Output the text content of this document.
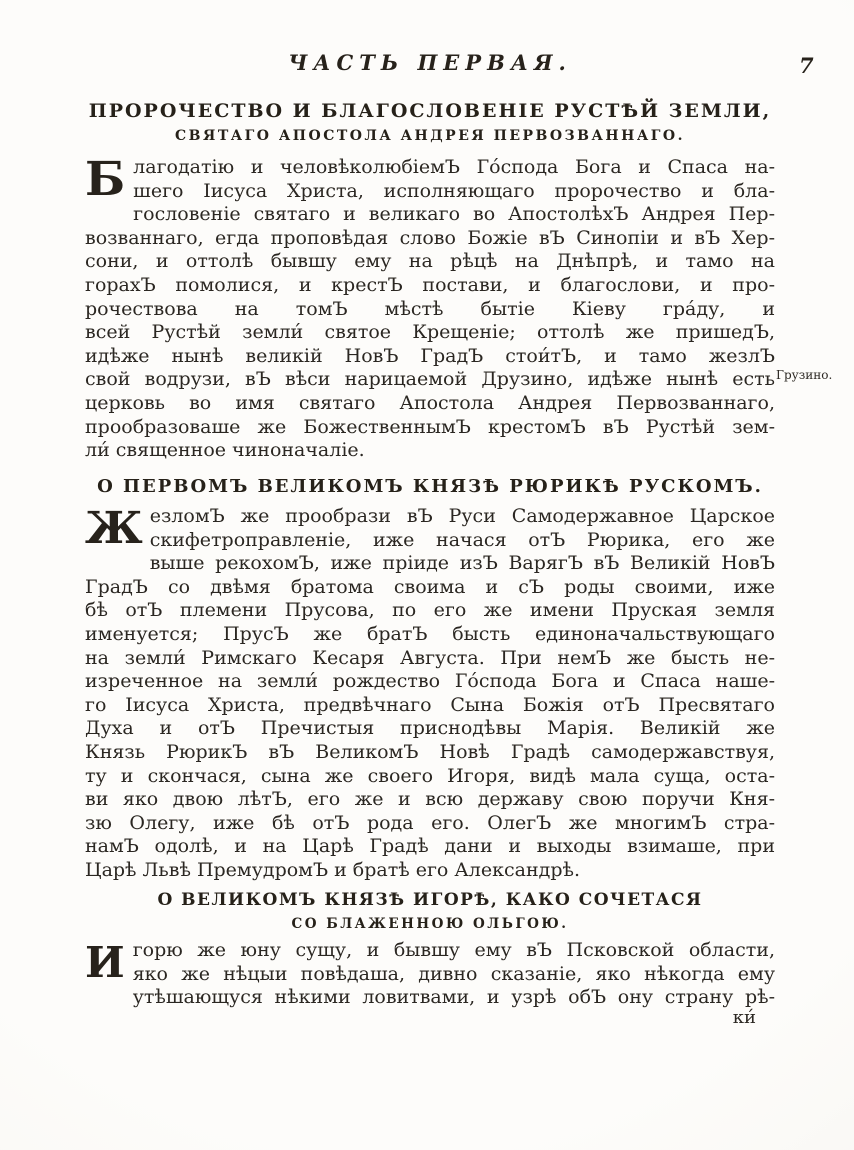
ЧАСТЬ ПЕРВАЯ.	7
ПРОРОЧЕСТВО И БЛАГОСЛОВЕНІЕ РУСТѢЙ ЗЕМЛИ,
СВЯТАГО АПОСТОЛА АНДРЕЯ ПЕРВОЗВАННАГО.
Б лагодатію и человѣколюбіемЪ Го́спода Бога и Спаса на-
шего Іисуса Христа, исполняющаго пророчество и бла-
гословеніе святаго и великаго во АпостолѣхЪ Андрея Пер-
возваннаго, егда проповѣдая слово Божіе вЪ Синопіи и вЪ Хер-
сони, и оттолѣ бывшу ему на рѣцѣ на Днѣпрѣ, и тамо на
горахЪ помолися, и крестЪ постави, и благослови, и про-
рочествова на томЪ мѣстѣ бытіе Кіеву гра́ду, и
всей Рустѣй земли́ святое Крещеніе; оттолѣ же пришедЪ,
идѣже нынѣ великій НовЪ ГрадЪ стои́тЪ, и тамо жезлЪ
свой водрузи, вЪ вѣси нарицаемой Друзино, идѣже нынѣ есть
церковь во имя святаго Апостола Андрея Первозваннаго,
прообразоваше же БожественнымЪ крестомЪ вЪ Рустѣй зем-
ли́ священное чиноначаліе.
Грузино.
О ПЕРВОМЪ ВЕЛИКОМЪ КНЯЗѢ РЮРИКѢ РУСКОМЪ.
Ж езломЪ же прообрази вЪ Руси Самодержавное Царское
скифетроправленіе, иже начася отЪ Рюрика, его же
выше рекохомЪ, иже пріиде изЪ ВарягЪ вЪ Великій НовЪ
ГрадЪ со двѣмя братома своима и сЪ роды своими, иже
бѣ отЪ племени Прусова, по его же имени Пруская земля
именуется; ПрусЪ же братЪ бысть единоначальствующаго
на земли́ Римскаго Кесаря Августа. При немЪ же бысть не-
изреченное на земли́ рождество Го́спода Бога и Спаса наше-
го Іисуса Христа, предвѣчнаго Сына Божія отЪ Пресвятаго
Духа и отЪ Пречистыя приснодѣвы Марія. Великій же
Князь РюрикЪ вЪ ВеликомЪ Новѣ Градѣ самодержавствуя,
ту и скончася, сына же своего Игоря, видѣ мала суща, оста-
ви яко двою лѣтЪ, его же и всю державу свою поручи Кня-
зю Олегу, иже бѣ отЪ рода его. ОлегЪ же многимЪ стра-
намЪ одолѣ, и на Царѣ Градѣ дани и выходы взимаше, при
Царѣ Львѣ ПремудромЪ и братѣ его Александрѣ.
О ВЕЛИКОМЪ КНЯЗѢ ИГОРѢ, КАКО СОЧЕТАСЯ
СО БЛАЖЕННОЮ ОЛЬГОЮ.
И горю же юну сущу, и бывшу ему вЪ Псковской области,
яко же нѣцыи повѣдаша, дивно сказаніе, яко нѣкогда ему
утѣшающуся нѣкими ловитвами, и узрѣ обЪ ону страну рѣ-
ки́
